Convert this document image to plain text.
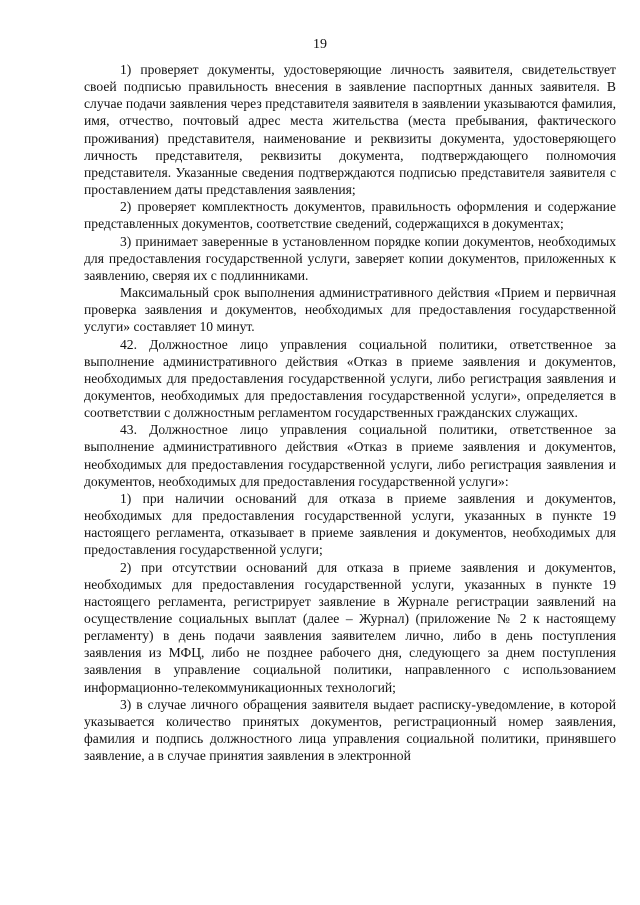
19

1) проверяет документы, удостоверяющие личность заявителя, свидетельствует своей подписью правильность внесения в заявление паспортных данных заявителя. В случае подачи заявления через представителя заявителя в заявлении указываются фамилия, имя, отчество, почтовый адрес места жительства (места пребывания, фактического проживания) представителя, наименование и реквизиты документа, удостоверяющего личность представителя, реквизиты документа, подтверждающего полномочия представителя. Указанные сведения подтверждаются подписью представителя заявителя с проставлением даты представления заявления;

2) проверяет комплектность документов, правильность оформления и содержание представленных документов, соответствие сведений, содержащихся в документах;

3) принимает заверенные в установленном порядке копии документов, необходимых для предоставления государственной услуги, заверяет копии документов, приложенных к заявлению, сверяя их с подлинниками.

Максимальный срок выполнения административного действия «Прием и первичная проверка заявления и документов, необходимых для предоставления государственной услуги» составляет 10 минут.

42. Должностное лицо управления социальной политики, ответственное за выполнение административного действия «Отказ в приеме заявления и документов, необходимых для предоставления государственной услуги, либо регистрация заявления и документов, необходимых для предоставления государственной услуги», определяется в соответствии с должностным регламентом государственных гражданских служащих.

43. Должностное лицо управления социальной политики, ответственное за выполнение административного действия «Отказ в приеме заявления и документов, необходимых для предоставления государственной услуги, либо регистрация заявления и документов, необходимых для предоставления государственной услуги»:

1) при наличии оснований для отказа в приеме заявления и документов, необходимых для предоставления государственной услуги, указанных в пункте 19 настоящего регламента, отказывает в приеме заявления и документов, необходимых для предоставления государственной услуги;

2) при отсутствии оснований для отказа в приеме заявления и документов, необходимых для предоставления государственной услуги, указанных в пункте 19 настоящего регламента, регистрирует заявление в Журнале регистрации заявлений на осуществление социальных выплат (далее – Журнал) (приложение № 2 к настоящему регламенту) в день подачи заявления заявителем лично, либо в день поступления заявления из МФЦ, либо не позднее рабочего дня, следующего за днем поступления заявления в управление социальной политики, направленного с использованием информационно-телекоммуникационных технологий;

3) в случае личного обращения заявителя выдает расписку-уведомление, в которой указывается количество принятых документов, регистрационный номер заявления, фамилия и подпись должностного лица управления социальной политики, принявшего заявление, а в случае принятия заявления в электронной
